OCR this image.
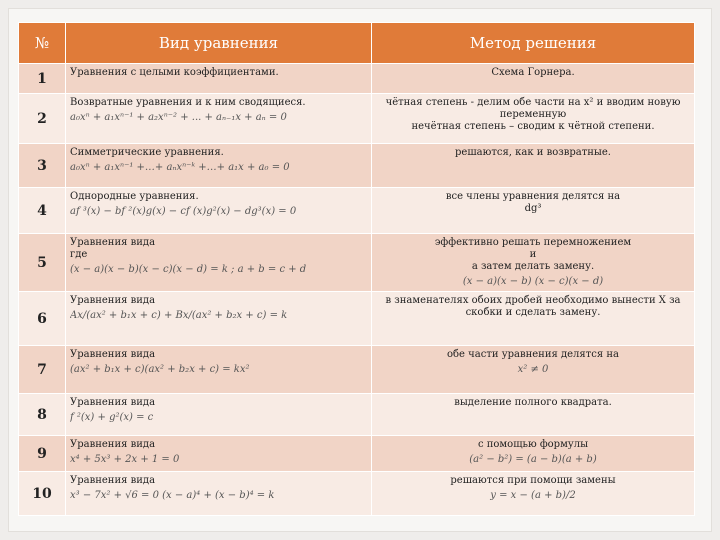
№	Вид уравнения	Метод решения
1	Уравнения с целыми коэффициентами.	Схема Горнера.

2	Возвратные уравнения и к ним сводящиеся.
a₀xⁿ + a₁xⁿ⁻¹ + a₂xⁿ⁻² + ... + aₙ₋₁x + aₙ = 0	чётная степень - делим обе части на x² и вводим новую переменную
нечётная степень – сводим к чётной степени.

3	Симметрические уравнения.
a₀xⁿ + a₁xⁿ⁻¹ +…+ aₙxⁿ⁻ᵏ +…+ a₁x + a₀ = 0	решаются, как и возвратные.

4	Однородные уравнения.
af ³(x) − bf ²(x)g(x) − cf (x)g²(x) − dg³(x) = 0	все члены уравнения делятся на
dg³

5	Уравнения вида
где
(x − a)(x − b)(x − c)(x − d) = k ; a + b = c + d	эффективно решать перемножением
и
а затем делать замену.
(x − a)(x − b) (x − c)(x − d)

6	Уравнения вида
Ax/(ax² + b₁x + c) + Bx/(ax² + b₂x + c) = k	в знаменателях обоих дробей необходимо вынести X за скобки и сделать замену.

7	Уравнения вида
(ax² + b₁x + c)(ax² + b₂x + c) = kx²	обе части уравнения делятся на
x² ≠ 0

8	Уравнения вида
f ²(x) + g²(x) = c	выделение полного квадрата.

9	Уравнения вида
x⁴ + 5x³ + 2x + 1 = 0	с помощью формулы
(a² − b²) = (a − b)(a + b)

10	Уравнения вида
x³ − 7x² + √6 = 0 (x − a)⁴ + (x − b)⁴ = k	решаются при помощи замены
y = x − (a + b)/2
